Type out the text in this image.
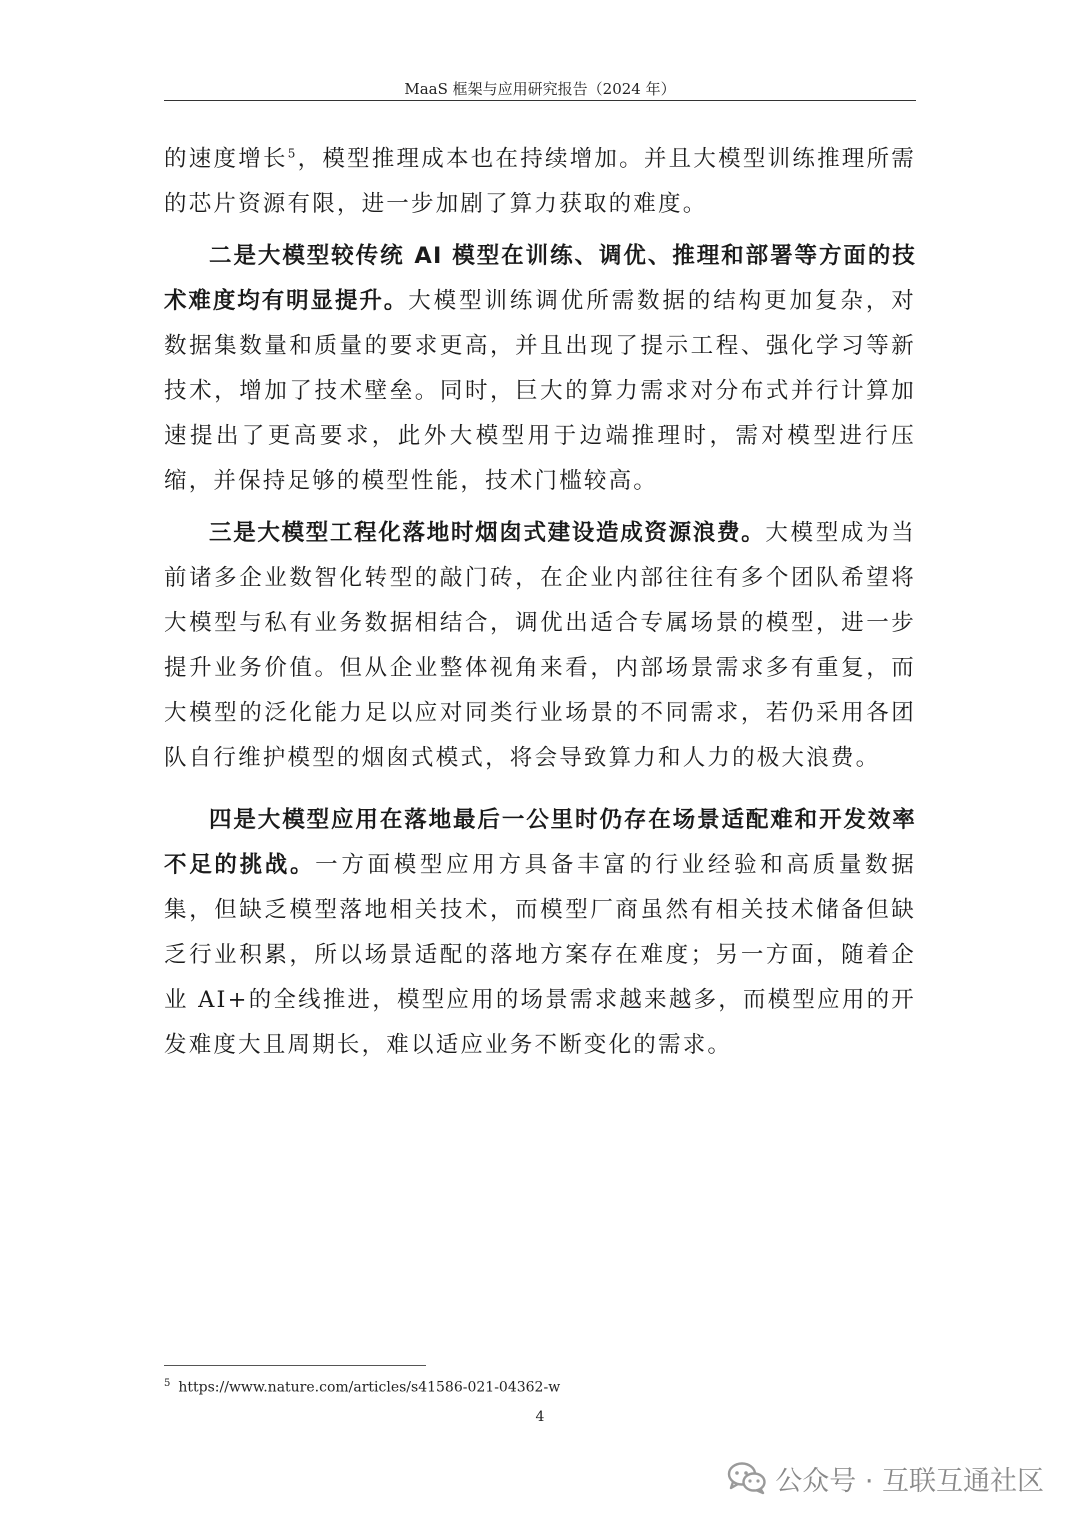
MaaS 框架与应用研究报告（2024 年）

的速度增长$^5$，模型推理成本也在持续增加。并且大模型训练推理所需的芯片资源有限，进一步加剧了算力获取的难度。

二是大模型较传统 AI 模型在训练、调优、推理和部署等方面的技术难度均有明显提升。大模型训练调优所需数据的结构更加复杂，对数据集数量和质量的要求更高，并且出现了提示工程、强化学习等新技术，增加了技术壁垒。同时，巨大的算力需求对分布式并行计算加速提出了更高要求，此外大模型用于边端推理时，需对模型进行压缩，并保持足够的模型性能，技术门槛较高。

三是大模型工程化落地时烟囱式建设造成资源浪费。大模型成为当前诸多企业数智化转型的敲门砖，在企业内部往往有多个团队希望将大模型与私有业务数据相结合，调优出适合专属场景的模型，进一步提升业务价值。但从企业整体视角来看，内部场景需求多有重复，而大模型的泛化能力足以应对同类行业场景的不同需求，若仍采用各团队自行维护模型的烟囱式模式，将会导致算力和人力的极大浪费。

四是大模型应用在落地最后一公里时仍存在场景适配难和开发效率不足的挑战。一方面模型应用方具备丰富的行业经验和高质量数据集，但缺乏模型落地相关技术，而模型厂商虽然有相关技术储备但缺乏行业积累，所以场景适配的落地方案存在难度；另一方面，随着企业 AI+的全线推进，模型应用的场景需求越来越多，而模型应用的开发难度大且周期长，难以适应业务不断变化的需求。

$^5$ https://www.nature.com/articles/s41586-021-04362-w
4
公众号 · 互联互通社区
